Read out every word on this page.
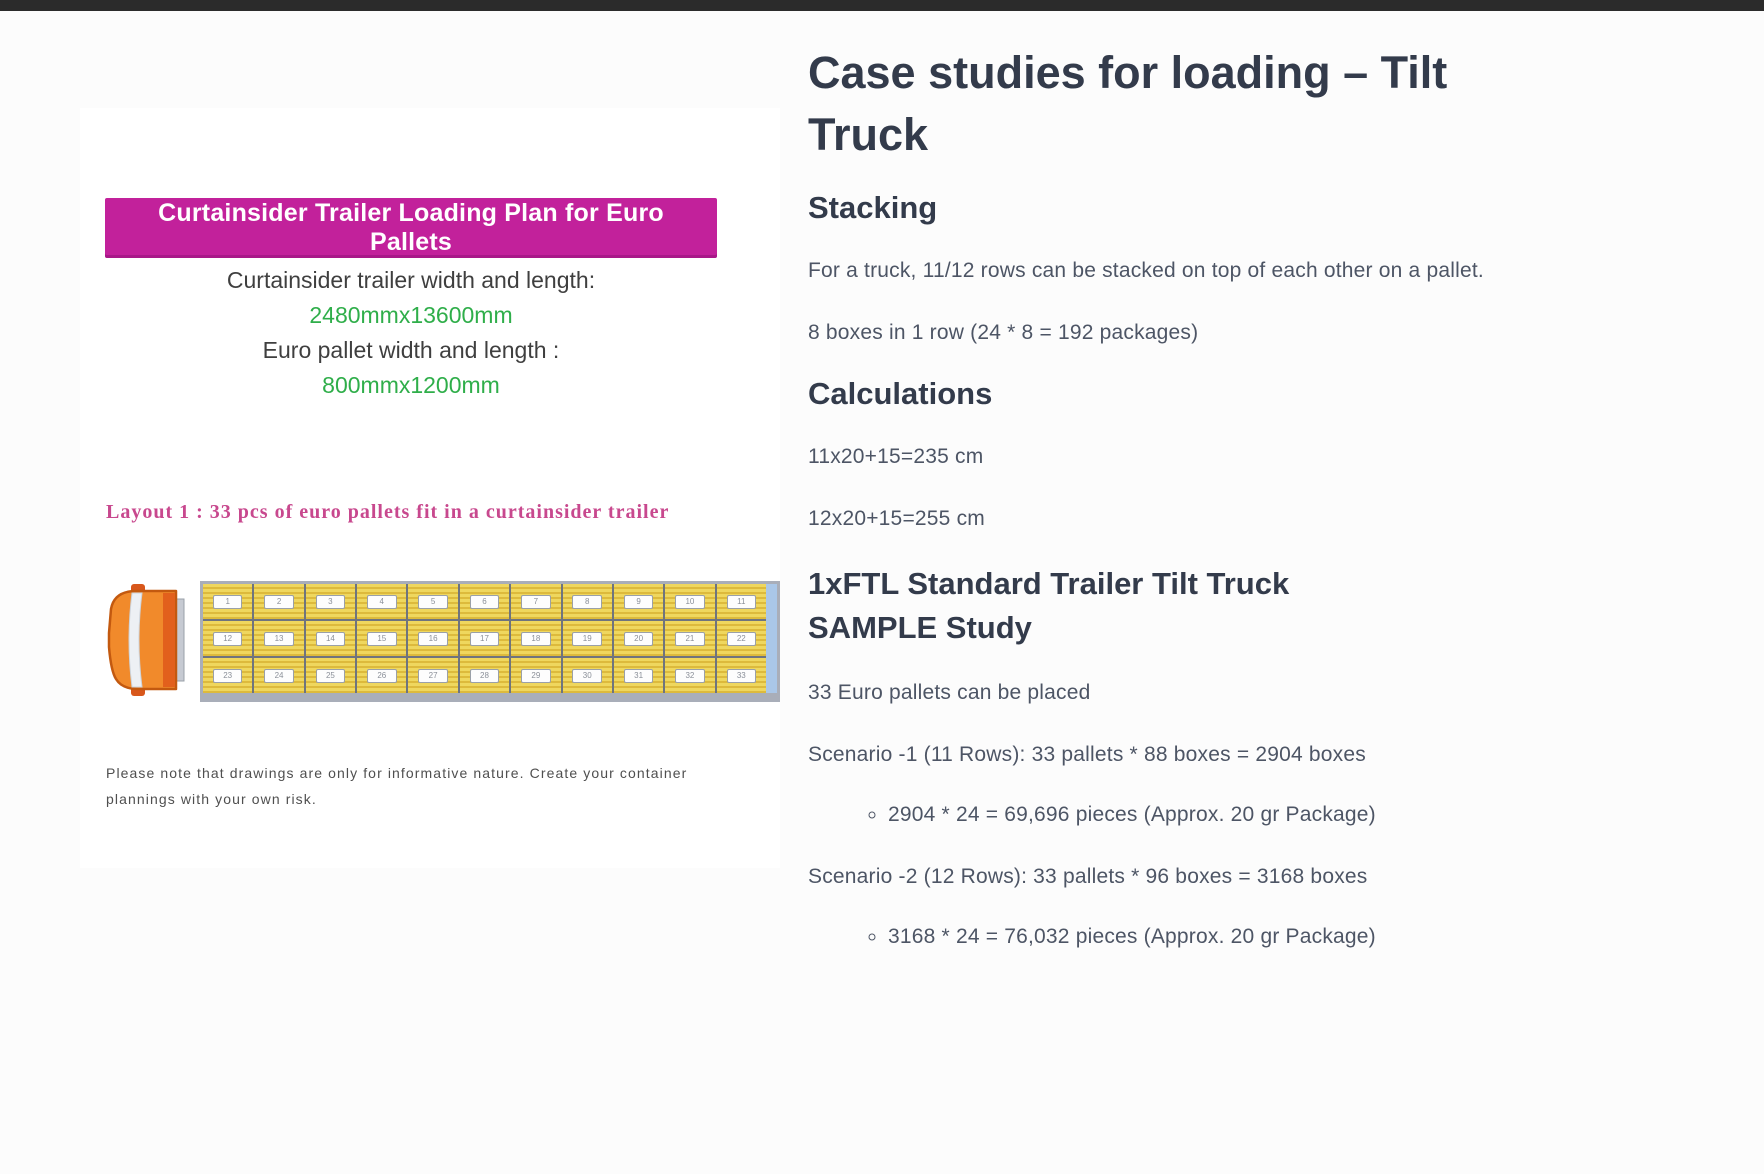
Curtainsider Trailer Loading Plan for Euro Pallets
Curtainsider trailer width and length:
2480mmx13600mm
Euro pallet width and length :
800mmx1200mm
Layout 1 : 33 pcs of euro pallets fit in a curtainsider trailer
1	2	3	4	5	6	7	8	9	10	11
12	13	14	15	16	17	18	19	20	21	22
23	24	25	26	27	28	29	30	31	32	33
Please note that drawings are only for informative nature. Create your container
plannings with your own risk.
Case studies for loading – Tilt Truck
Stacking

For a truck, 11/12 rows can be stacked on top of each other on a pallet.

8 boxes in 1 row (24 * 8 = 192 packages)

Calculations

11x20+15=235 cm

12x20+15=255 cm

1xFTL Standard Trailer Tilt Truck SAMPLE Study

33 Euro pallets can be placed

Scenario -1 (11 Rows): 33 pallets * 88 boxes = 2904 boxes

◦ 2904 * 24 = 69,696 pieces (Approx. 20 gr Package)

Scenario -2 (12 Rows): 33 pallets * 96 boxes = 3168 boxes

◦ 3168 * 24 = 76,032 pieces (Approx. 20 gr Package)
